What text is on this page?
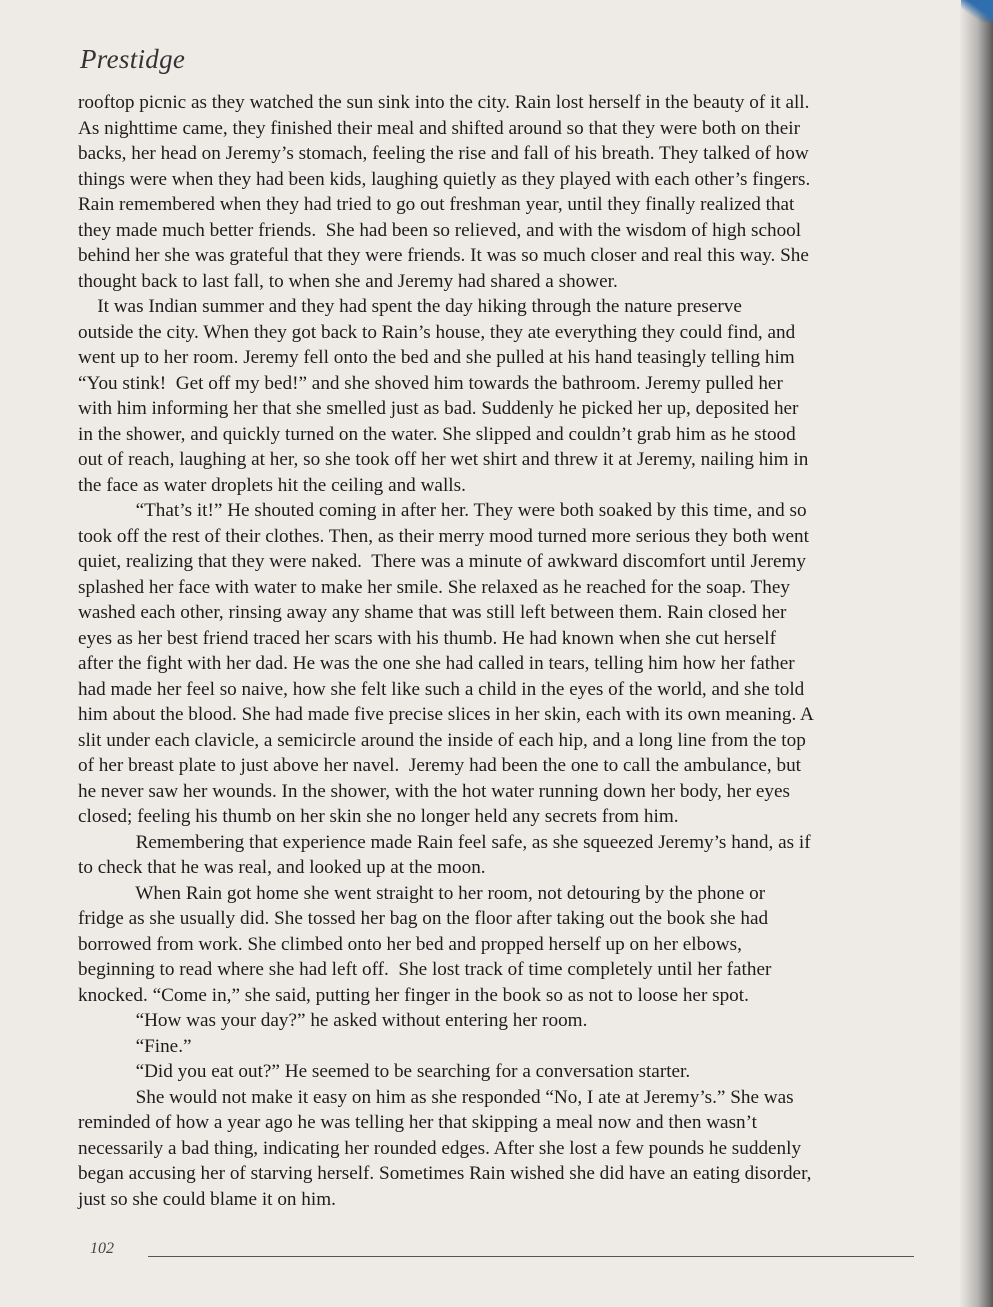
Prestidge

rooftop picnic as they watched the sun sink into the city. Rain lost herself in the beauty of it all.

As nighttime came, they finished their meal and shifted around so that they were both on their

backs, her head on Jeremy’s stomach, feeling the rise and fall of his breath. They talked of how

things were when they had been kids, laughing quietly as they played with each other’s fingers.

Rain remembered when they had tried to go out freshman year, until they finally realized that

they made much better friends.  She had been so relieved, and with the wisdom of high school

behind her she was grateful that they were friends. It was so much closer and real this way. She

thought back to last fall, to when she and Jeremy had shared a shower.

It was Indian summer and they had spent the day hiking through the nature preserve

outside the city. When they got back to Rain’s house, they ate everything they could find, and

went up to her room. Jeremy fell onto the bed and she pulled at his hand teasingly telling him

“You stink!  Get off my bed!” and she shoved him towards the bathroom. Jeremy pulled her

with him informing her that she smelled just as bad. Suddenly he picked her up, deposited her

in the shower, and quickly turned on the water. She slipped and couldn’t grab him as he stood

out of reach, laughing at her, so she took off her wet shirt and threw it at Jeremy, nailing him in

the face as water droplets hit the ceiling and walls.

“That’s it!” He shouted coming in after her. They were both soaked by this time, and so

took off the rest of their clothes. Then, as their merry mood turned more serious they both went

quiet, realizing that they were naked.  There was a minute of awkward discomfort until Jeremy

splashed her face with water to make her smile. She relaxed as he reached for the soap. They

washed each other, rinsing away any shame that was still left between them. Rain closed her

eyes as her best friend traced her scars with his thumb. He had known when she cut herself

after the fight with her dad. He was the one she had called in tears, telling him how her father

had made her feel so naive, how she felt like such a child in the eyes of the world, and she told

him about the blood. She had made five precise slices in her skin, each with its own meaning. A

slit under each clavicle, a semicircle around the inside of each hip, and a long line from the top

of her breast plate to just above her navel.  Jeremy had been the one to call the ambulance, but

he never saw her wounds. In the shower, with the hot water running down her body, her eyes

closed; feeling his thumb on her skin she no longer held any secrets from him.

Remembering that experience made Rain feel safe, as she squeezed Jeremy’s hand, as if

to check that he was real, and looked up at the moon.

When Rain got home she went straight to her room, not detouring by the phone or

fridge as she usually did. She tossed her bag on the floor after taking out the book she had

borrowed from work. She climbed onto her bed and propped herself up on her elbows,

beginning to read where she had left off.  She lost track of time completely until her father

knocked. “Come in,” she said, putting her finger in the book so as not to loose her spot.

“How was your day?” he asked without entering her room.

“Fine.”

“Did you eat out?” He seemed to be searching for a conversation starter.

She would not make it easy on him as she responded “No, I ate at Jeremy’s.” She was

reminded of how a year ago he was telling her that skipping a meal now and then wasn’t

necessarily a bad thing, indicating her rounded edges. After she lost a few pounds he suddenly

began accusing her of starving herself. Sometimes Rain wished she did have an eating disorder,

just so she could blame it on him.

102
